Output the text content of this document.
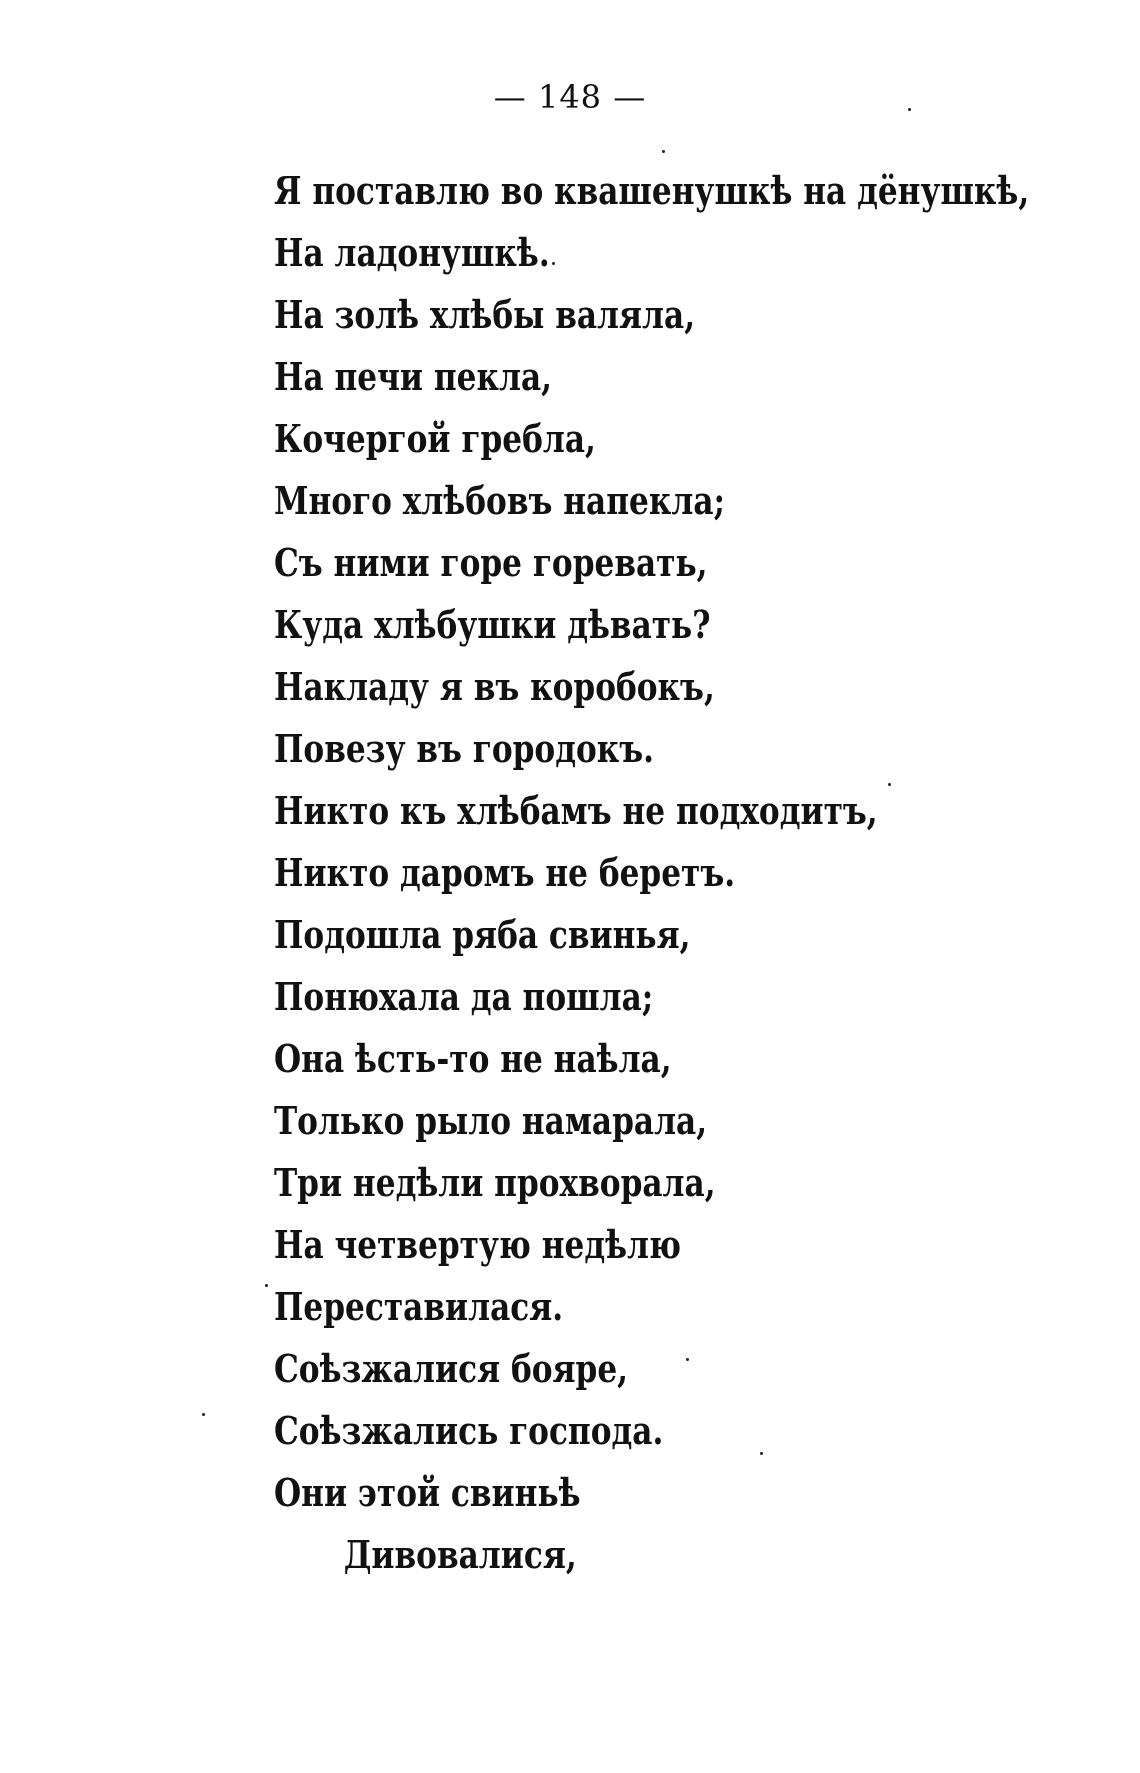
— 148 —
Я поставлю во квашенушкѣ на дёнушкѣ,
На ладонушкѣ.
На золѣ хлѣбы валяла,
На печи пекла,
Кочергой гребла,
Много хлѣбовъ напекла;
Съ ними горе горевать,
Куда хлѣбушки дѣвать?
Накладу я въ коробокъ,
Повезу въ городокъ.
Никто къ хлѣбамъ не подходитъ,
Никто даромъ не беретъ.
Подошла ряба свинья,
Понюхала да пошла;
Она ѣсть-то не наѣла,
Только рыло намарала,
Три недѣли прохворала,
На четвертую недѣлю
Переставилася.
Соѣзжалися бояре,
Соѣзжались господа.
Они этой свиньѣ
Дивовалися,
